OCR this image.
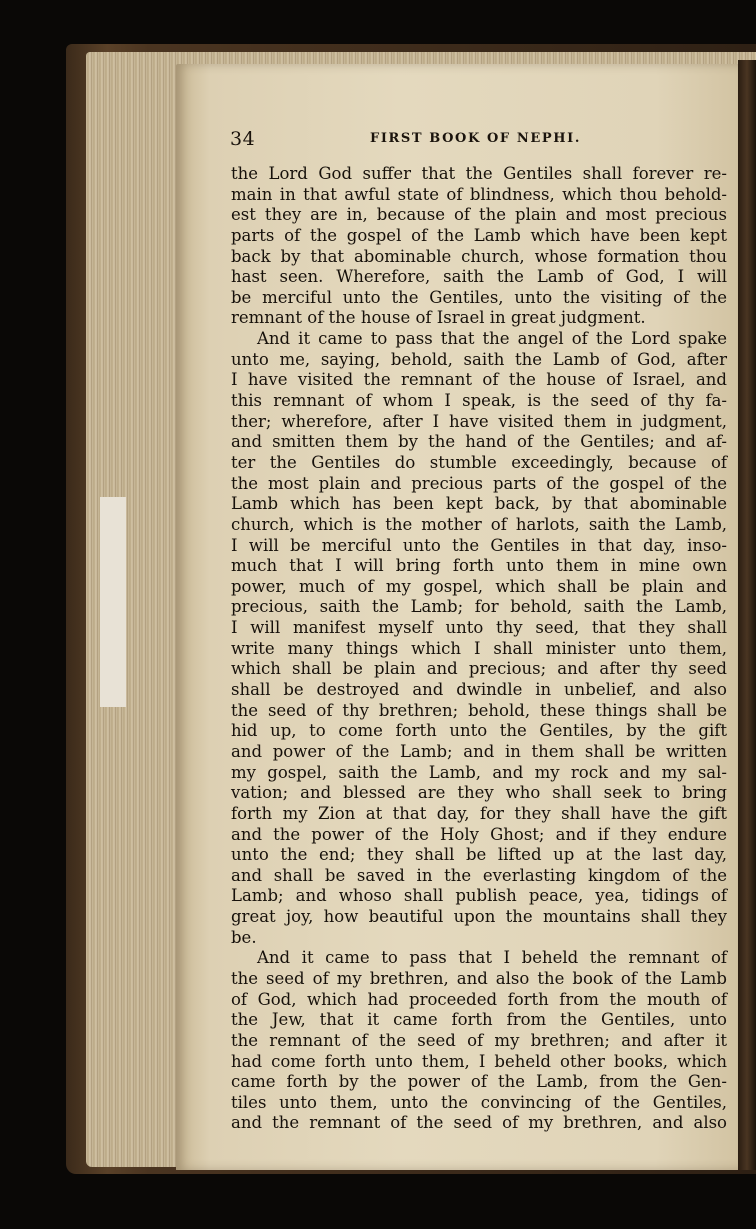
34	FIRST BOOK OF NEPHI.
the Lord God suffer that the Gentiles shall forever re-
main in that awful state of blindness, which thou behold-
est they are in, because of the plain and most precious
parts of the gospel of the Lamb which have been kept
back by that abominable church, whose formation thou
hast seen. Wherefore, saith the Lamb of God, I will
be merciful unto the Gentiles, unto the visiting of the
remnant of the house of Israel in great judgment.
And it came to pass that the angel of the Lord spake
unto me, saying, behold, saith the Lamb of God, after
I have visited the remnant of the house of Israel, and
this remnant of whom I speak, is the seed of thy fa-
ther; wherefore, after I have visited them in judgment,
and smitten them by the hand of the Gentiles; and af-
ter the Gentiles do stumble exceedingly, because of
the most plain and precious parts of the gospel of the
Lamb which has been kept back, by that abominable
church, which is the mother of harlots, saith the Lamb,
I will be merciful unto the Gentiles in that day, inso-
much that I will bring forth unto them in mine own
power, much of my gospel, which shall be plain and
precious, saith the Lamb; for behold, saith the Lamb,
I will manifest myself unto thy seed, that they shall
write many things which I shall minister unto them,
which shall be plain and precious; and after thy seed
shall be destroyed and dwindle in unbelief, and also
the seed of thy brethren; behold, these things shall be
hid up, to come forth unto the Gentiles, by the gift
and power of the Lamb; and in them shall be written
my gospel, saith the Lamb, and my rock and my sal-
vation; and blessed are they who shall seek to bring
forth my Zion at that day, for they shall have the gift
and the power of the Holy Ghost; and if they endure
unto the end; they shall be lifted up at the last day,
and shall be saved in the everlasting kingdom of the
Lamb; and whoso shall publish peace, yea, tidings of
great joy, how beautiful upon the mountains shall they
be.
And it came to pass that I beheld the remnant of
the seed of my brethren, and also the book of the Lamb
of God, which had proceeded forth from the mouth of
the Jew, that it came forth from the Gentiles, unto
the remnant of the seed of my brethren; and after it
had come forth unto them, I beheld other books, which
came forth by the power of the Lamb, from the Gen-
tiles unto them, unto the convincing of the Gentiles,
and the remnant of the seed of my brethren, and also
